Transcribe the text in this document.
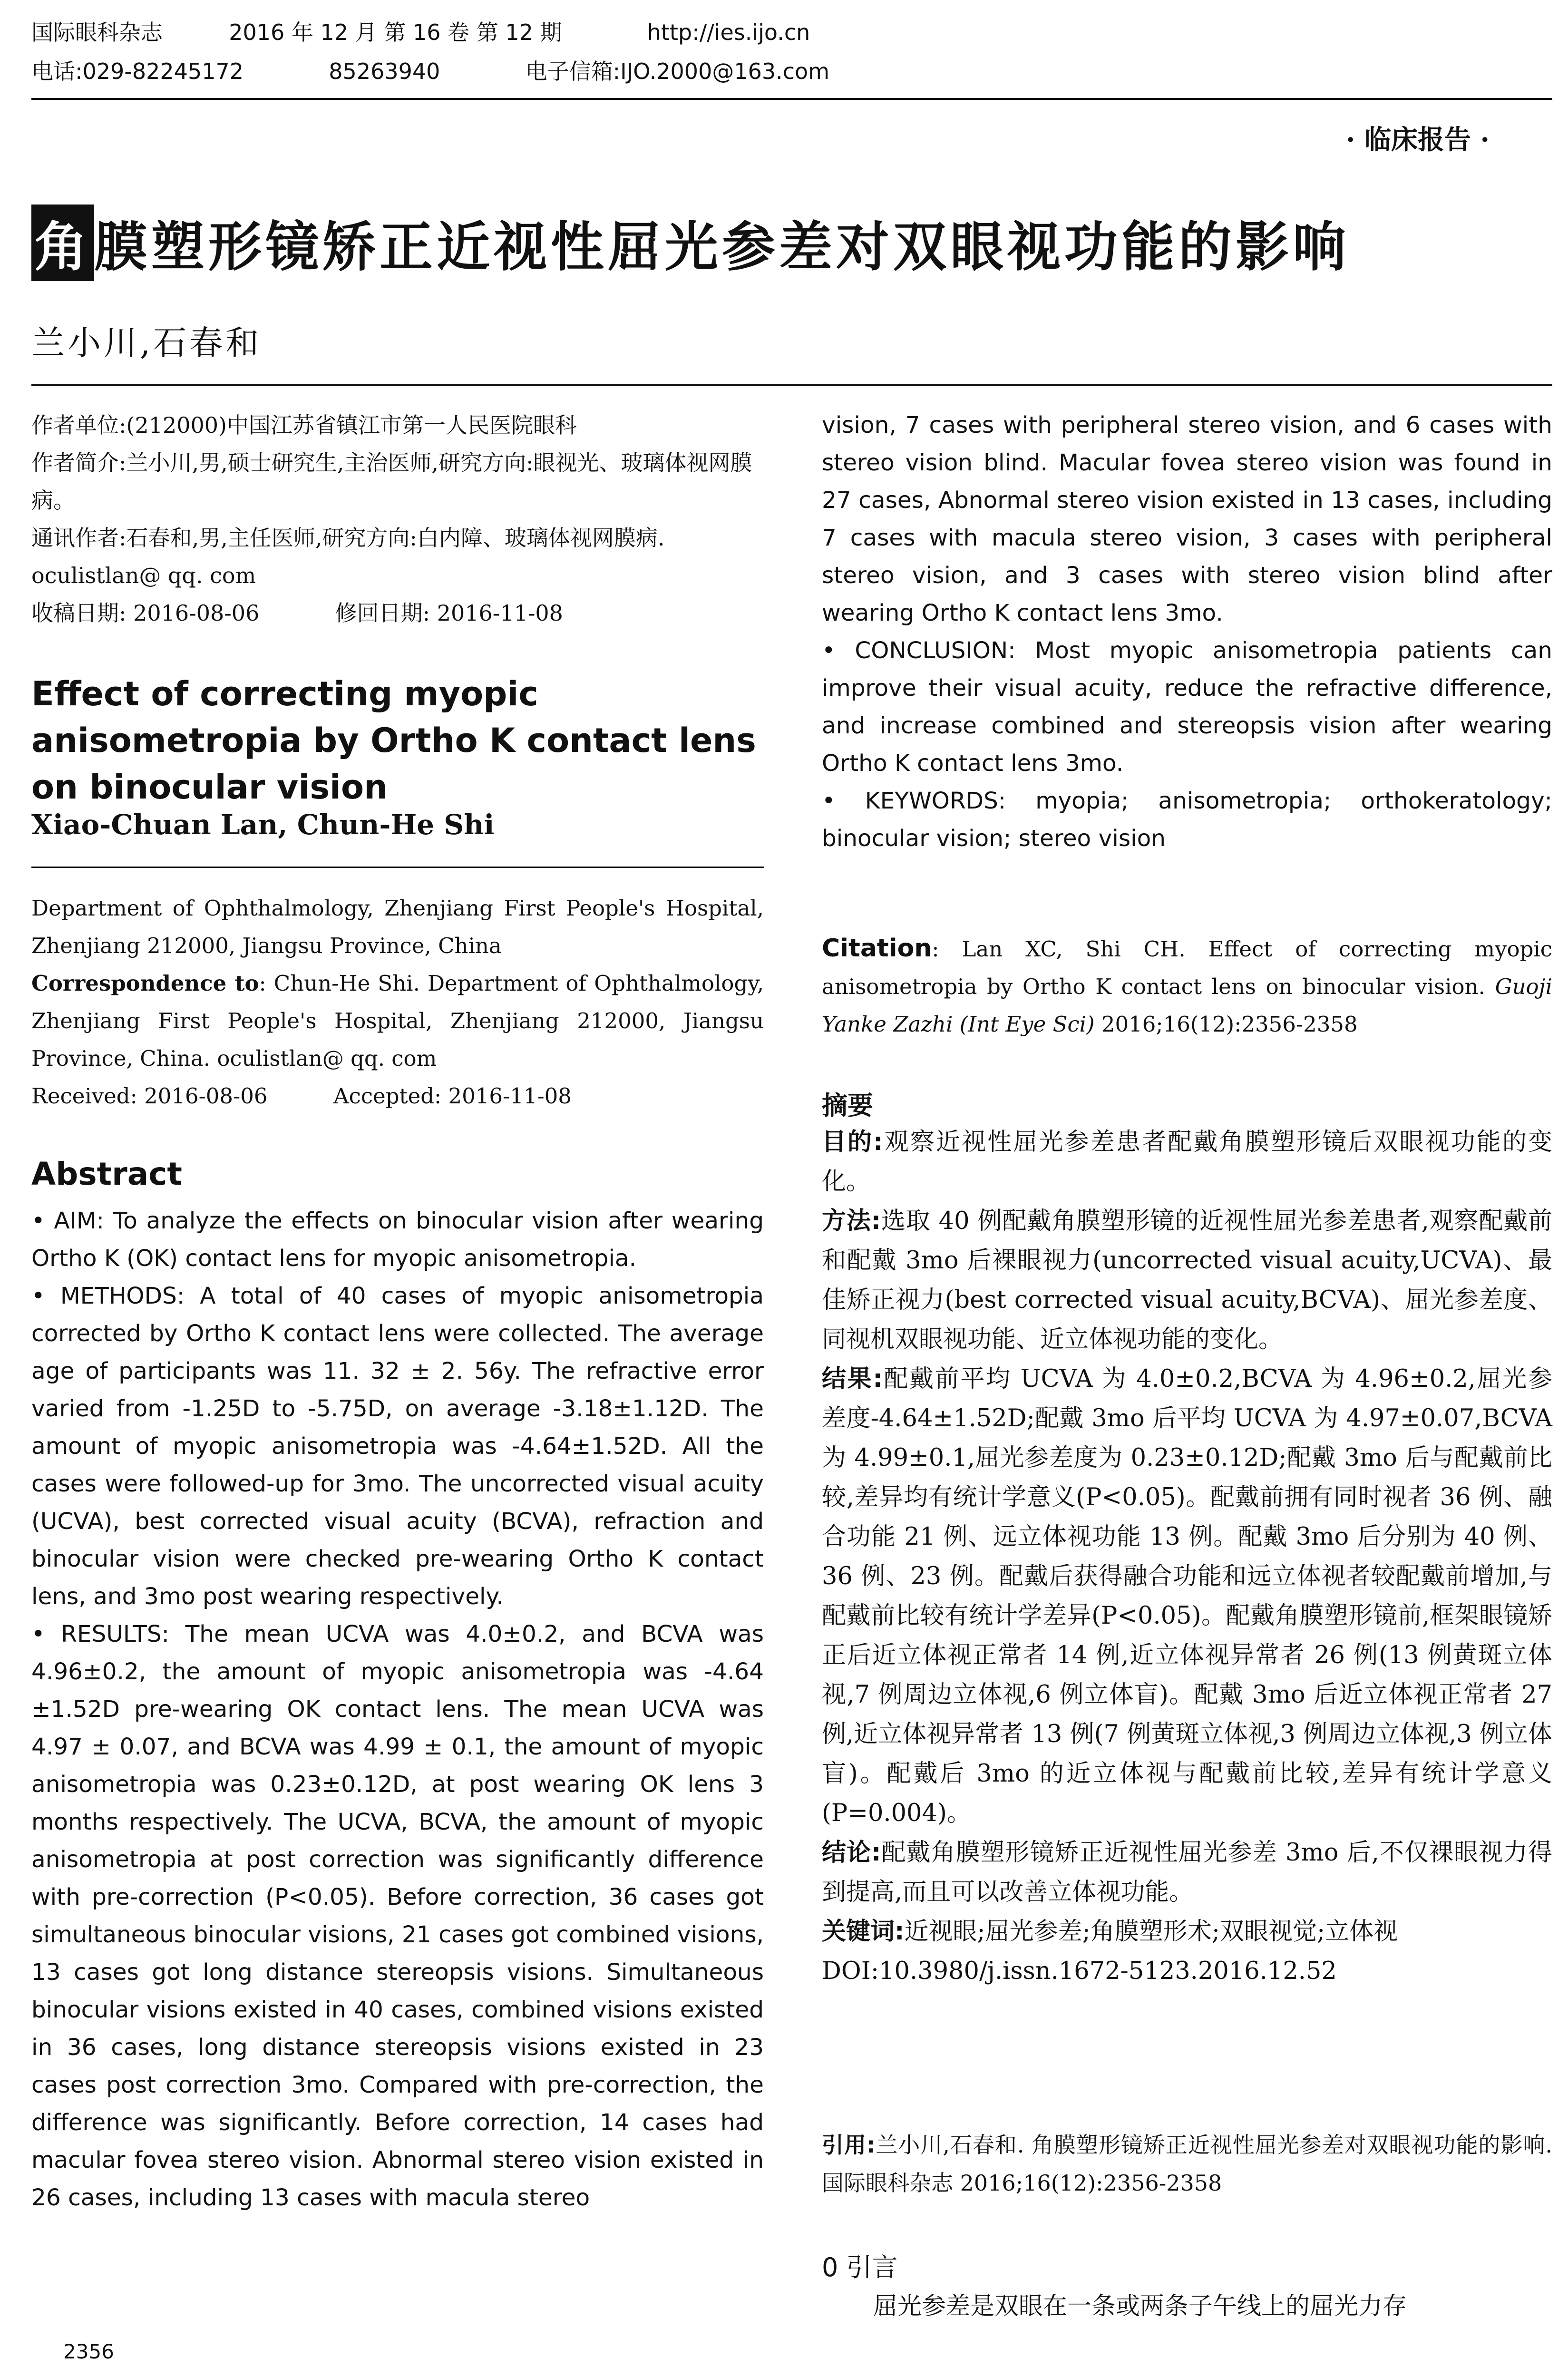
国际眼科杂志	2016 年 12 月 第 16 卷 第 12 期	http://ies.ijo.cn
电话:029-82245172	85263940	电子信箱:IJO.2000@163.com
· 临床报告 ·
角膜塑形镜矫正近视性屈光参差对双眼视功能的影响
兰小川,石春和

作者单位:(212000)中国江苏省镇江市第一人民医院眼科

作者简介:兰小川,男,硕士研究生,主治医师,研究方向:眼视光、玻璃体视网膜病。

通讯作者:石春和,男,主任医师,研究方向:白内障、玻璃体视网膜病. oculistlan@ qq. com

收稿日期: 2016-08-06	修回日期: 2016-11-08

Effect of correcting myopic anisometropia by Ortho K contact lens on binocular vision

Xiao-Chuan Lan, Chun-He Shi

Department of Ophthalmology, Zhenjiang First People's Hospital, Zhenjiang 212000, Jiangsu Province, China

Correspondence to: Chun-He Shi. Department of Ophthalmology, Zhenjiang First People's Hospital, Zhenjiang 212000, Jiangsu Province, China. oculistlan@ qq. com

Received: 2016-08-06	Accepted: 2016-11-08

Abstract

• AIM: To analyze the effects on binocular vision after wearing Ortho K (OK) contact lens for myopic anisometropia.

• METHODS: A total of 40 cases of myopic anisometropia corrected by Ortho K contact lens were collected. The average age of participants was 11. 32 ± 2. 56y. The refractive error varied from -1.25D to -5.75D, on average -3.18±1.12D. The amount of myopic anisometropia was -4.64±1.52D. All the cases were followed-up for 3mo. The uncorrected visual acuity (UCVA), best corrected visual acuity (BCVA), refraction and binocular vision were checked pre-wearing Ortho K contact lens, and 3mo post wearing respectively.

• RESULTS: The mean UCVA was 4.0±0.2, and BCVA was 4.96±0.2, the amount of myopic anisometropia was -4.64 ±1.52D pre-wearing OK contact lens. The mean UCVA was 4.97 ± 0.07, and BCVA was 4.99 ± 0.1, the amount of myopic anisometropia was 0.23±0.12D, at post wearing OK lens 3 months respectively. The UCVA, BCVA, the amount of myopic anisometropia at post correction was significantly difference with pre-correction (P<0.05). Before correction, 36 cases got simultaneous binocular visions, 21 cases got combined visions, 13 cases got long distance stereopsis visions. Simultaneous binocular visions existed in 40 cases, combined visions existed in 36 cases, long distance stereopsis visions existed in 23 cases post correction 3mo. Compared with pre-correction, the difference was significantly. Before correction, 14 cases had macular fovea stereo vision. Abnormal stereo vision existed in 26 cases, including 13 cases with macula stereo

2356

vision, 7 cases with peripheral stereo vision, and 6 cases with stereo vision blind. Macular fovea stereo vision was found in 27 cases, Abnormal stereo vision existed in 13 cases, including 7 cases with macula stereo vision, 3 cases with peripheral stereo vision, and 3 cases with stereo vision blind after wearing Ortho K contact lens 3mo.

• CONCLUSION: Most myopic anisometropia patients can improve their visual acuity, reduce the refractive difference, and increase combined and stereopsis vision after wearing Ortho K contact lens 3mo.

• KEYWORDS: myopia; anisometropia; orthokeratology; binocular vision; stereo vision

Citation: Lan XC, Shi CH. Effect of correcting myopic anisometropia by Ortho K contact lens on binocular vision. Guoji Yanke Zazhi (Int Eye Sci) 2016;16(12):2356-2358

摘要

目的:观察近视性屈光参差患者配戴角膜塑形镜后双眼视功能的变化。

方法:选取 40 例配戴角膜塑形镜的近视性屈光参差患者,观察配戴前和配戴 3mo 后裸眼视力(uncorrected visual acuity,UCVA)、最佳矫正视力(best corrected visual acuity,BCVA)、屈光参差度、同视机双眼视功能、近立体视功能的变化。

结果:配戴前平均 UCVA 为 4.0±0.2,BCVA 为 4.96±0.2,屈光参差度-4.64±1.52D;配戴 3mo 后平均 UCVA 为 4.97±0.07,BCVA 为 4.99±0.1,屈光参差度为 0.23±0.12D;配戴 3mo 后与配戴前比较,差异均有统计学意义(P<0.05)。配戴前拥有同时视者 36 例、融合功能 21 例、远立体视功能 13 例。配戴 3mo 后分别为 40 例、36 例、23 例。配戴后获得融合功能和远立体视者较配戴前增加,与配戴前比较有统计学差异(P<0.05)。配戴角膜塑形镜前,框架眼镜矫正后近立体视正常者 14 例,近立体视异常者 26 例(13 例黄斑立体视,7 例周边立体视,6 例立体盲)。配戴 3mo 后近立体视正常者 27 例,近立体视异常者 13 例(7 例黄斑立体视,3 例周边立体视,3 例立体盲)。配戴后 3mo 的近立体视与配戴前比较,差异有统计学意义(P=0.004)。

结论:配戴角膜塑形镜矫正近视性屈光参差 3mo 后,不仅裸眼视力得到提高,而且可以改善立体视功能。

关键词:近视眼;屈光参差;角膜塑形术;双眼视觉;立体视

DOI:10.3980/j.issn.1672-5123.2016.12.52

引用:兰小川,石春和. 角膜塑形镜矫正近视性屈光参差对双眼视功能的影响. 国际眼科杂志 2016;16(12):2356-2358

0 引言

屈光参差是双眼在一条或两条子午线上的屈光力存
